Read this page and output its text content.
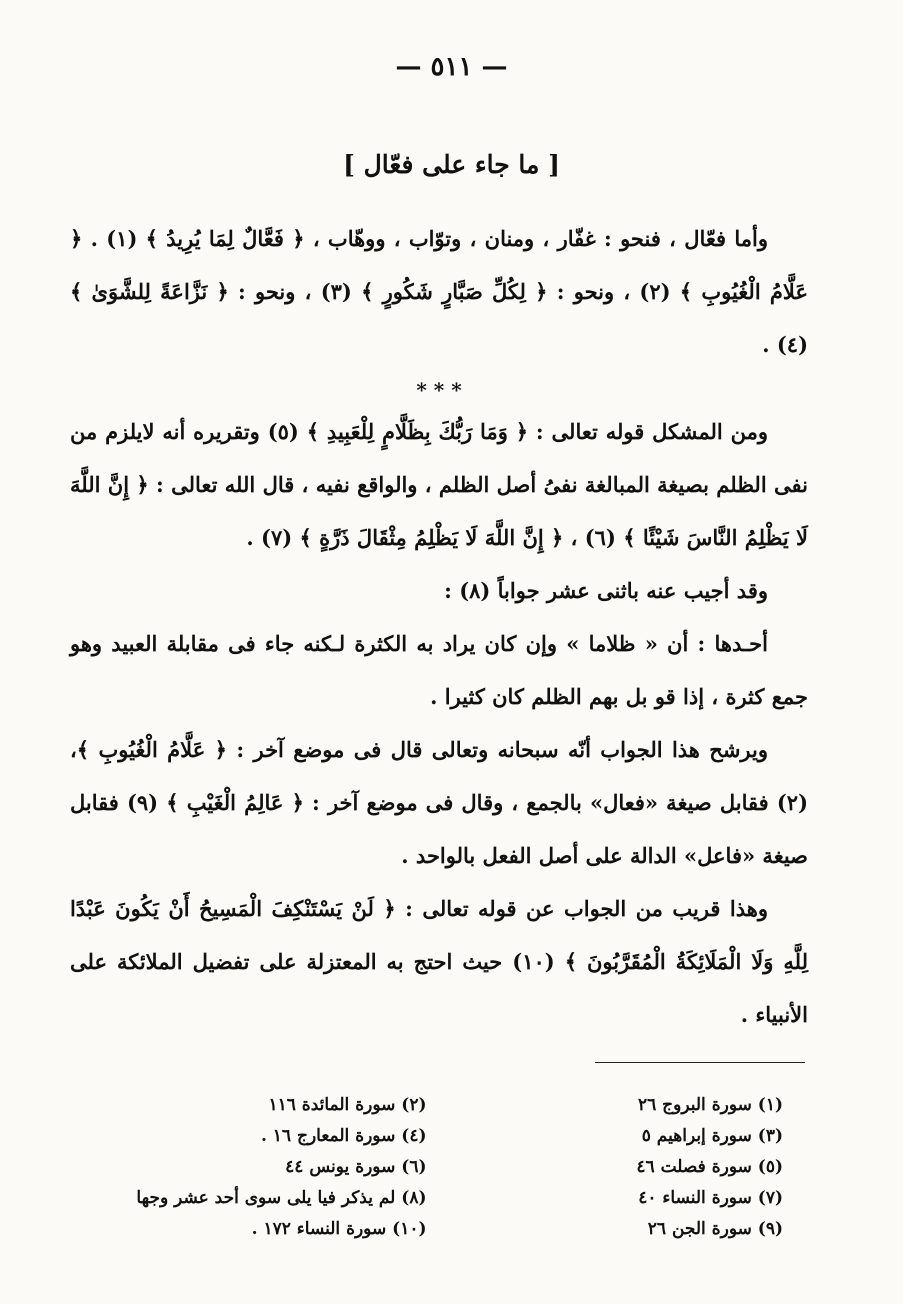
— ٥١١ —
[ ما جاء على فعّال ]

وأما فعّال ، فنحو : غفّار ، ومنان ، وتوّاب ، ووهّاب ، ﴿ فَعَّالٌ لِمَا يُرِيدُ ﴾ (١) . ﴿ عَلَّامُ الْغُيُوبِ ﴾ (٢) ، ونحو : ﴿ لِكُلِّ صَبَّارٍ شَكُورٍ ﴾ (٣) ، ونحو : ﴿ نَزَّاعَةً لِلشَّوَىٰ ﴾ (٤) .

* * *

ومن المشكل قوله تعالى : ﴿ وَمَا رَبُّكَ بِظَلَّامٍ لِلْعَبِيدِ ﴾ (٥) وتقريره أنه لايلزم من نفى الظلم بصيغة المبالغة نفىُ أصل الظلم ، والواقع نفيه ، قال الله تعالى : ﴿ إِنَّ اللَّهَ لَا يَظْلِمُ النَّاسَ شَيْئًا ﴾ (٦) ، ﴿ إِنَّ اللَّهَ لَا يَظْلِمُ مِثْقَالَ ذَرَّةٍ ﴾ (٧) .

وقد أجيب عنه باثنى عشر جواباً (٨) :

أحـدها : أن « ظلاما » وإن كان يراد به الكثرة لـكنه جاء فى مقابلة العبيد وهو جمع كثرة ، إذا قو بل بهم الظلم كان كثيرا .

ويرشح هذا الجواب أنّه سبحانه وتعالى قال فى موضع آخر : ﴿ عَلَّامُ الْغُيُوبِ ﴾، (٢) فقابل صيغة «فعال» بالجمع ، وقال فى موضع آخر : ﴿ عَالِمُ الْغَيْبِ ﴾ (٩) فقابل صيغة «فاعل» الدالة على أصل الفعل بالواحد .

وهذا قريب من الجواب عن قوله تعالى : ﴿ لَنْ يَسْتَنْكِفَ الْمَسِيحُ أَنْ يَكُونَ عَبْدًا لِلَّهِ وَلَا الْمَلَائِكَةُ الْمُقَرَّبُونَ ﴾ (١٠) حيث احتج به المعتزلة على تفضيل الملائكة على الأنبياء .

(١) سورة البروج ٢٦
(٢) سورة المائدة ١١٦
(٣) سورة إبراهيم ٥
(٤) سورة المعارج ١٦ .
(٥) سورة فصلت ٤٦
(٦) سورة يونس ٤٤
(٧) سورة النساء ٤٠
(٨) لم يذكر فيا يلى سوى أحد عشر وجها
(٩) سورة الجن ٢٦
(١٠) سورة النساء ١٧٢ .
